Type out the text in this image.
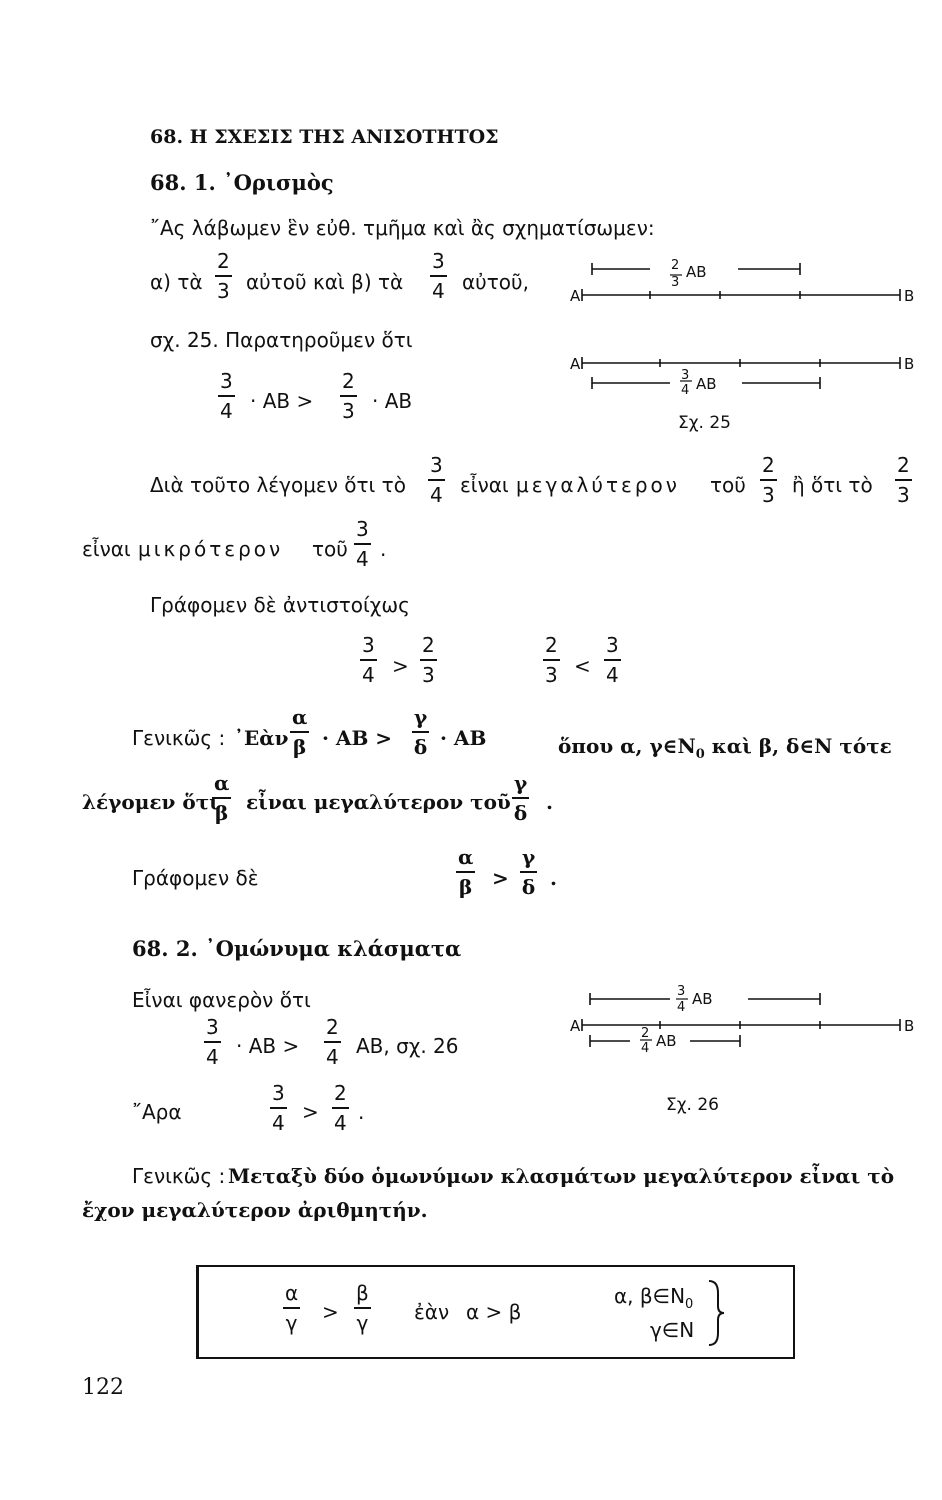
68. Η ΣΧΕΣΙΣ ΤΗΣ ΑΝΙΣΟΤΗΤΟΣ
68. 1. ᾿Ορισμὸς
῎Ας λάβωμεν ἓν εὐθ. τμῆμα καὶ ἂς σχηματίσωμεν:
α) τὰ
2
3 αὐτοῦ καὶ β) τὰ
3
4 αὐτοῦ,
σχ. 25. Παρατηροῦμεν ὅτι
3
4 · AB >
2
3 · AB
2
3
AB
A	B
A	B
3
4 AB
Σχ. 25
Διὰ τοῦτο λέγομεν ὅτι τὸ
3
4 εἶναι μεγαλύτερον τοῦ
2
3 ἢ ὅτι τὸ
2
3
εἶναι μικρότερον τοῦ
3
4 .
Γράφομεν δὲ ἀντιστοίχως
3
4 >
2
3
2
3 <
3
4
Γενικῶς : ᾿Εὰν
α
β · AB >
γ
δ · AB	ὅπου α, $\gamma\in N_0$ καὶ β, δ∈N τότε
λέγομεν ὅτι
α
β εἶναι μεγαλύτερον τοῦ
γ
δ .
Γράφομεν δὲ
α
β >
γ
δ .
68. 2. ᾿Ομώνυμα κλάσματα
Εἶναι φανερὸν ὅτι
3
4 · AB >
2
4 AB, σχ. 26
῎Αρα
3
4 >
2
4 .
3
4 AB
A	B
2
4 AB
Σχ. 26
Γενικῶς : Μεταξὺ δύο ὁμωνύμων κλασμάτων μεγαλύτερον εἶναι τὸ
ἔχον μεγαλύτερον ἀριθμητήν.
α
γ >
β
γ ἐὰν α > β
α, $\beta\in N_0$
γ∈N
122
